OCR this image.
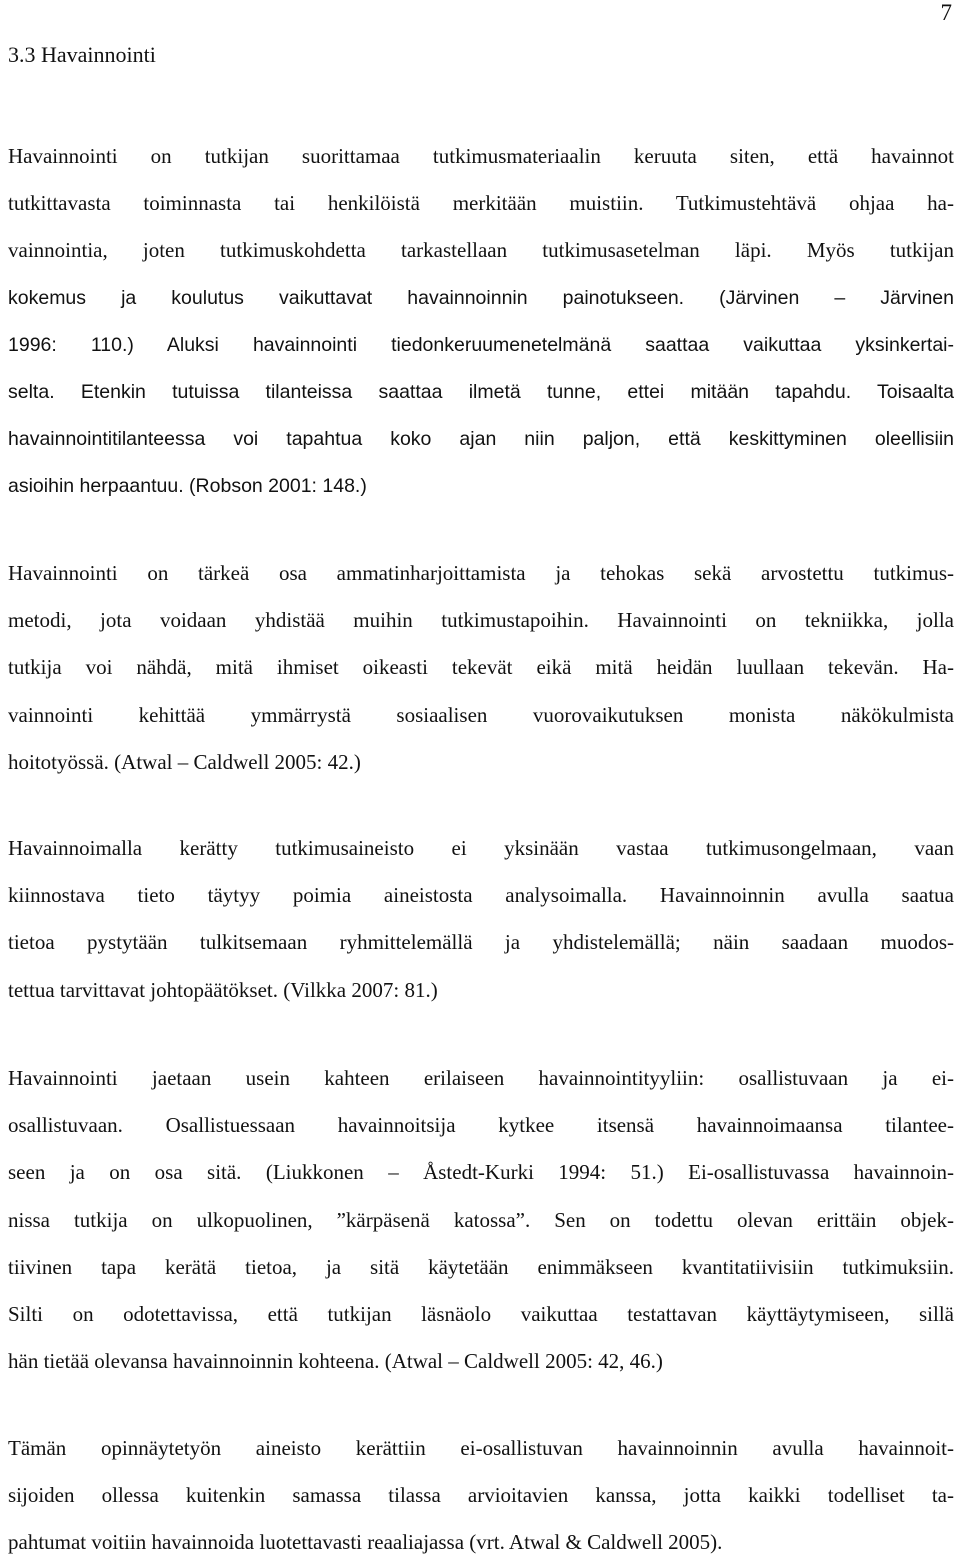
7
3.3 Havainnointi

Havainnointi on tutkijan suorittamaa tutkimusmateriaalin keruuta siten, että havainnot
tutkittavasta toiminnasta tai henkilöistä merkitään muistiin. Tutkimustehtävä ohjaa ha-
vainnointia, joten tutkimuskohdetta tarkastellaan tutkimusasetelman läpi. Myös tutkijan
kokemus ja koulutus vaikuttavat havainnoinnin painotukseen. (Järvinen – Järvinen
1996: 110.) Aluksi havainnointi tiedonkeruumenetelmänä saattaa vaikuttaa yksinkertai-
selta. Etenkin tutuissa tilanteissa saattaa ilmetä tunne, ettei mitään tapahdu. Toisaalta
havainnointitilanteessa voi tapahtua koko ajan niin paljon, että keskittyminen oleellisiin
asioihin herpaantuu. (Robson 2001: 148.)

Havainnointi on tärkeä osa ammatinharjoittamista ja tehokas sekä arvostettu tutkimus-
metodi, jota voidaan yhdistää muihin tutkimustapoihin. Havainnointi on tekniikka, jolla
tutkija voi nähdä, mitä ihmiset oikeasti tekevät eikä mitä heidän luullaan tekevän. Ha-
vainnointi kehittää ymmärrystä sosiaalisen vuorovaikutuksen monista näkökulmista
hoitotyössä. (Atwal – Caldwell 2005: 42.)

Havainnoimalla kerätty tutkimusaineisto ei yksinään vastaa tutkimusongelmaan, vaan
kiinnostava tieto täytyy poimia aineistosta analysoimalla. Havainnoinnin avulla saatua
tietoa pystytään tulkitsemaan ryhmittelemällä ja yhdistelemällä; näin saadaan muodos-
tettua tarvittavat johtopäätökset. (Vilkka 2007: 81.)

Havainnointi jaetaan usein kahteen erilaiseen havainnointityyliin: osallistuvaan ja ei-
osallistuvaan. Osallistuessaan havainnoitsija kytkee itsensä havainnoimaansa tilantee-
seen ja on osa sitä. (Liukkonen – Åstedt-Kurki 1994: 51.) Ei-osallistuvassa havainnoin-
nissa tutkija on ulkopuolinen, ”kärpäsenä katossa”. Sen on todettu olevan erittäin objek-
tiivinen tapa kerätä tietoa, ja sitä käytetään enimmäkseen kvantitatiivisiin tutkimuksiin.
Silti on odotettavissa, että tutkijan läsnäolo vaikuttaa testattavan käyttäytymiseen, sillä
hän tietää olevansa havainnoinnin kohteena. (Atwal – Caldwell 2005: 42, 46.)

Tämän opinnäytetyön aineisto kerättiin ei-osallistuvan havainnoinnin avulla havainnoit-
sijoiden ollessa kuitenkin samassa tilassa arvioitavien kanssa, jotta kaikki todelliset ta-
pahtumat voitiin havainnoida luotettavasti reaaliajassa (vrt. Atwal & Caldwell 2005).
